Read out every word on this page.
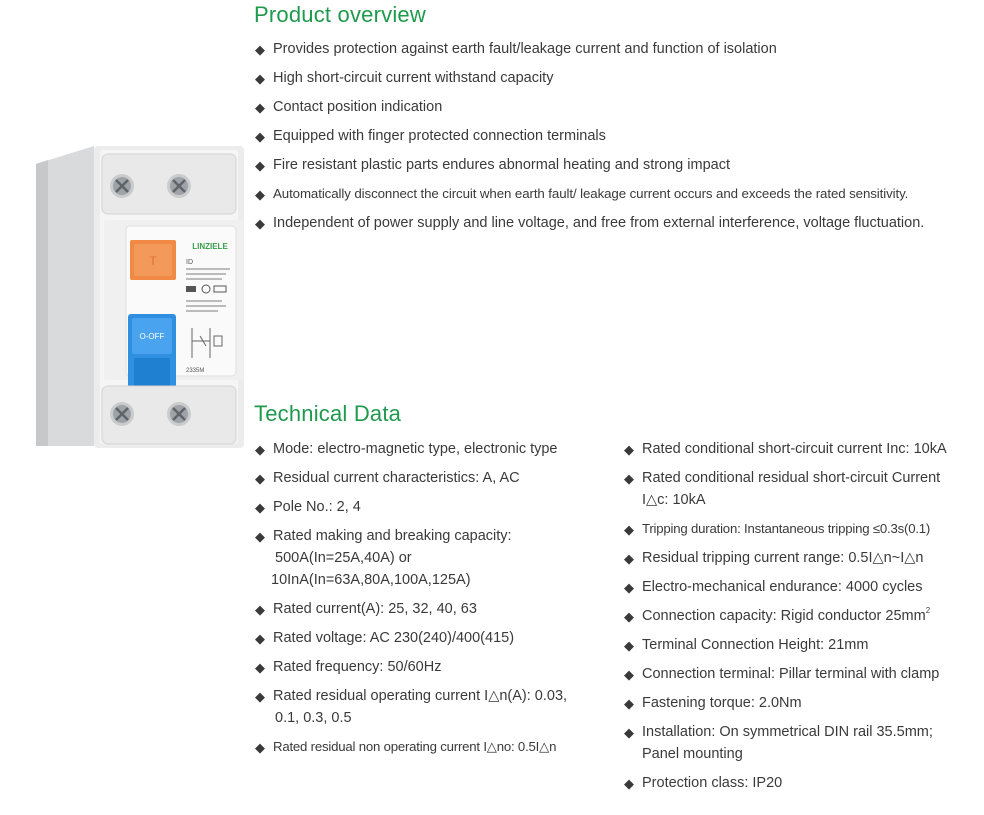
T
LINZIELE
ID
2335M
O-OFF
Product overview
◆ Provides protection against earth fault/leakage current and function of isolation
◆ High short-circuit current withstand capacity
◆ Contact position indication
◆ Equipped with finger protected connection terminals
◆ Fire resistant plastic parts endures abnormal heating and strong impact
◆ Automatically disconnect the circuit when earth fault/ leakage current occurs and exceeds the rated sensitivity.
◆ Independent of power supply and line voltage, and free from external interference, voltage fluctuation.
Technical Data
◆ Mode: electro-magnetic type, electronic type
◆ Residual current characteristics: A, AC
◆ Pole No.: 2, 4
◆ Rated making and breaking capacity:
500A(In=25A,40A) or
10InA(In=63A,80A,100A,125A)
◆ Rated current(A): 25, 32, 40, 63
◆ Rated voltage: AC 230(240)/400(415)
◆ Rated frequency: 50/60Hz
◆ Rated residual operating current I△n(A): 0.03,
0.1, 0.3, 0.5
◆ Rated residual non operating current I△no: 0.5I△n
◆ Rated conditional short-circuit current Inc: 10kA
◆ Rated conditional residual short-circuit Current
I△c: 10kA
◆ Tripping duration: Instantaneous tripping ≤0.3s(0.1)
◆ Residual tripping current range: 0.5I△n~I△n
◆ Electro-mechanical endurance: 4000 cycles
◆ Connection capacity: Rigid conductor $25mm^2$
◆ Terminal Connection Height: 21mm
◆ Connection terminal: Pillar terminal with clamp
◆ Fastening torque: 2.0Nm
◆ Installation: On symmetrical DIN rail 35.5mm;
Panel mounting
◆ Protection class: IP20
